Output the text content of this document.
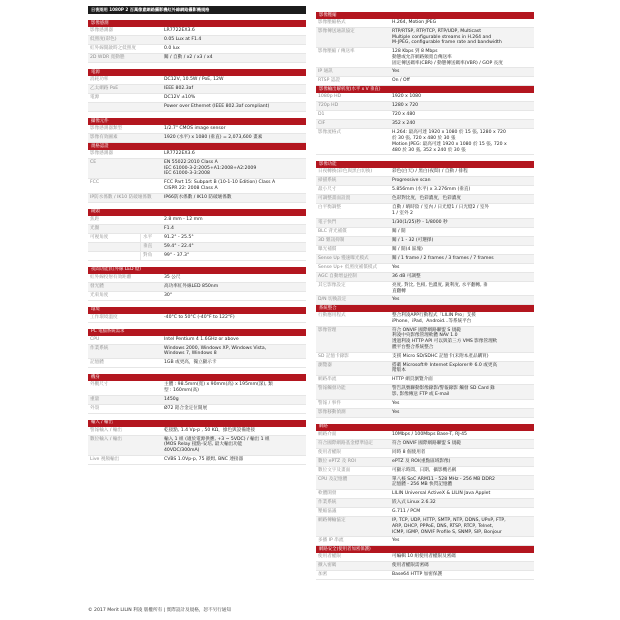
日夜兩用 1080P 2 百萬像素網路攝影機紅外線網路攝影機規格
影像感測
影像感測器	LR7722EX3.6
低照度(彩色)	0.05 Lux at F1.4
紅外線開啟時之低照度	0.0 lux
2D WDR 寬動態	關 / 自動 / x2 / x3 / x4
電源
消耗功率	DC12V, 10.5W / PoE, 12W
乙太網路 PoE	IEEE 802.3af
電源	DC12V ±10%
Power over Ethernet (IEEE 802.3af compliant)
攝像元件
影像感測器類型	1/2.7" CMOS image sensor
影像有效圖素	1920 (水平) x 1080 (垂直) = 2,073,600 畫素
規格認證
影像感測器	LR7722EX3.6
CE	EN 55022:2010 Class A
IEC 61000-3-2:2005+A1:2008+A2:2009
IEC 61000-3-3:2008
FCC	FCC Part 15: Subpart B (10-1-10 Edition) Class A
CISPR 22: 2008 Class A
IP防水係數 / IK10 防破壞係數	IP66防水係數 / IK10 防破壞係數
鏡頭
焦距	2.8 mm - 12 mm
光圈	F1.4
可視角度	水平	91.2° - 25.5°
垂直	59.4° - 22.4°
對角	99° - 37.3°
夜間功能(紅外線 LED 燈)
紅外線投射有效距離	35 公尺
發光體	高功率紅外線LED 850nm
光束角度	30°
環境
工作環境溫度	-40°C to 50°C (-40°F to 122°F)
PC 電腦系統需求
CPU	Intel Pentium 4 1.6GHz or above
作業系統	Windows 2000, Windows XP, Windows Vista,
Windows 7, Windows 8
記憶體	1GB 或更高，獨立顯示卡
機身
外觀尺寸	主體 : 98.5mm(寬) x 90mm(高) x 195mm(深), 類
型 : 160mm(高)
重量	1450g
外殼	Ø72 鋁合金定位開展
輸入 / 輸出
警報輸入 / 輸出	乾接點, 1.4 Vp-p , 50 KΩ，綠色與設備連接
數位輸入 / 輸出	輸入 1 組 (適於電源供應, +3 ~ 5VDC) / 輸出 1 組
(MOS Relay 接點-安培, 最大輸出功能
40VDC/300mA)
Live 視頻輸出	CVBS 1.0Vp-p, 75 歐姆, BNC 連接器
影像壓縮
影像壓縮格式	H.264, Motion JPEG
影像傳送通訊協定	RTP/RTSP, RTP/TCP, RTP/UDP, Multicast
Multiple configurable streams in H.264 and
M-JPEG, configurable frame rate and bandwidth
影像壓縮 / 傳送率	128 Kbps 到 8 Mbps
動態或允許網路頻寬自傳送率
固定傳送碼率(CBR) / 動態傳送碼率(VBR) / GOP 長度
IP 通訊	Yes
RTSP 認證	On / Off
影像輸出解析度(水平 x V 垂直)
1080p HD	1920 x 1080
720p HD	1280 x 720
D1	720 x 480
CIF	352 x 240
影像流格式	H.264: 最高可達 1920 x 1080 於 15 張, 1280 x 720
於 30 張, 720 x 480 於 30 張
Motion JPEG: 最高可達 1920 x 1080 於 15 張, 720 x
480 於 30 張, 352 x 240 於 30 張
影像功能
日夜轉換(彩色與黑白切換)	彩色(白天) / 黑白(夜間) / 自動 / 排程
掃描系統	Progressive scan
最小尺寸	5.856mm (水平) x 3.276mm (垂直)
可調整畫面設置	色彩對比度，色彩濃度，色彩濃度
白平衡調整	自動 / 晴時陰 / 室內 / 日光燈1 / 日光燈2 / 室外
1 / 室外 2
電子快門	1/30(1/25)秒 - 1/8000 秒
BLC 背光補償	關 / 開
3D 雜訊抑制	關 / 1 - 32 (可選擇)
曝光補償	關 / 開(4 區塊)
Sense Up 慢速曝光模式	關 / 1 frame / 2 frames / 3 frames / 7 frames
Sense Up+ 低照度補償模式	Yes
AGC 自動增益控制	36 dB 可調整
其它影像設定	亮度, 對比, 色相, 色濃度, 銳利度, 水平翻轉, 垂
直翻轉
D/N 切換設定	Yes
系統整合
行動應用程式	整合利凌APP行動程式「LILIN Pro」支援
iPhone、iPad、Android...等系統平台
影像管理	符合 ONVIF 國際網路聯盟 S 規範
利凌中央影像管理軟體 NAV 1.0
透過利凌 HTTP API 可以與第三方 VMS 影像管理軟
體平台整合系統整合
SD 記憶卡錄影	支援 Micro SD/SDHC 記憶卡(未附本產品購買)
瀏覽器	搭載 Microsoft® Internet Explorer® 6.0 或更高
階版本
網路串流	HTTP 網頁瀏覽介面
警報觸發功能	警告訊號聯動影像錄影/警報錄影 觸發 SD Card 錄
影, 影像傳送 FTP 或 E-mail
警報 / 事件	Yes
影像移動偵測	Yes
網路
網路介面	10Mbps / 100Mbps Base-T, RJ-45
符合國際網路基金標準協定	符合 ONVIF 國際網路聯盟 S 規範
使用者權限	同時 8 個使用者
數位 ePTZ 及 ROI	ePTZ 及 ROI(重點區域影像)
數位文字及畫面	可顯示時間、日期、攝影機名稱
CPU 及記憶體	單八核 SoC ARM11 - 528 MHz - 256 MB DDR2
記憶體 - 256 MB 快閃記憶體
軟體開發	LILIN Universal ActiveX & LILIN Java Applet
作業系統	嵌入式 Linux 2.6.32
壓縮協議	G.711 / PCM
網路傳輸協定	IP, TCP, UDP, HTTP, SMTP, NTP, DDNS, UPnP, FTP,
ARP, DHCP, PPPoE, DNS, RTSP, RTCP, Telnet,
ICMP, IGMP, ONVIF Profile S, SNMP, SIP, Bonjour
多播 IP 串流	Yes
網路安全(使用者加密保護)
使用者權限	可編輯 10 組使用者權限及密碼
擴入密碼	使用者權限需密碼
加密	Base64 HTTP 加密保護
© 2017 Merit LILIN 利凌 版權所有 | 實際設計及規格，恕不另行通知
